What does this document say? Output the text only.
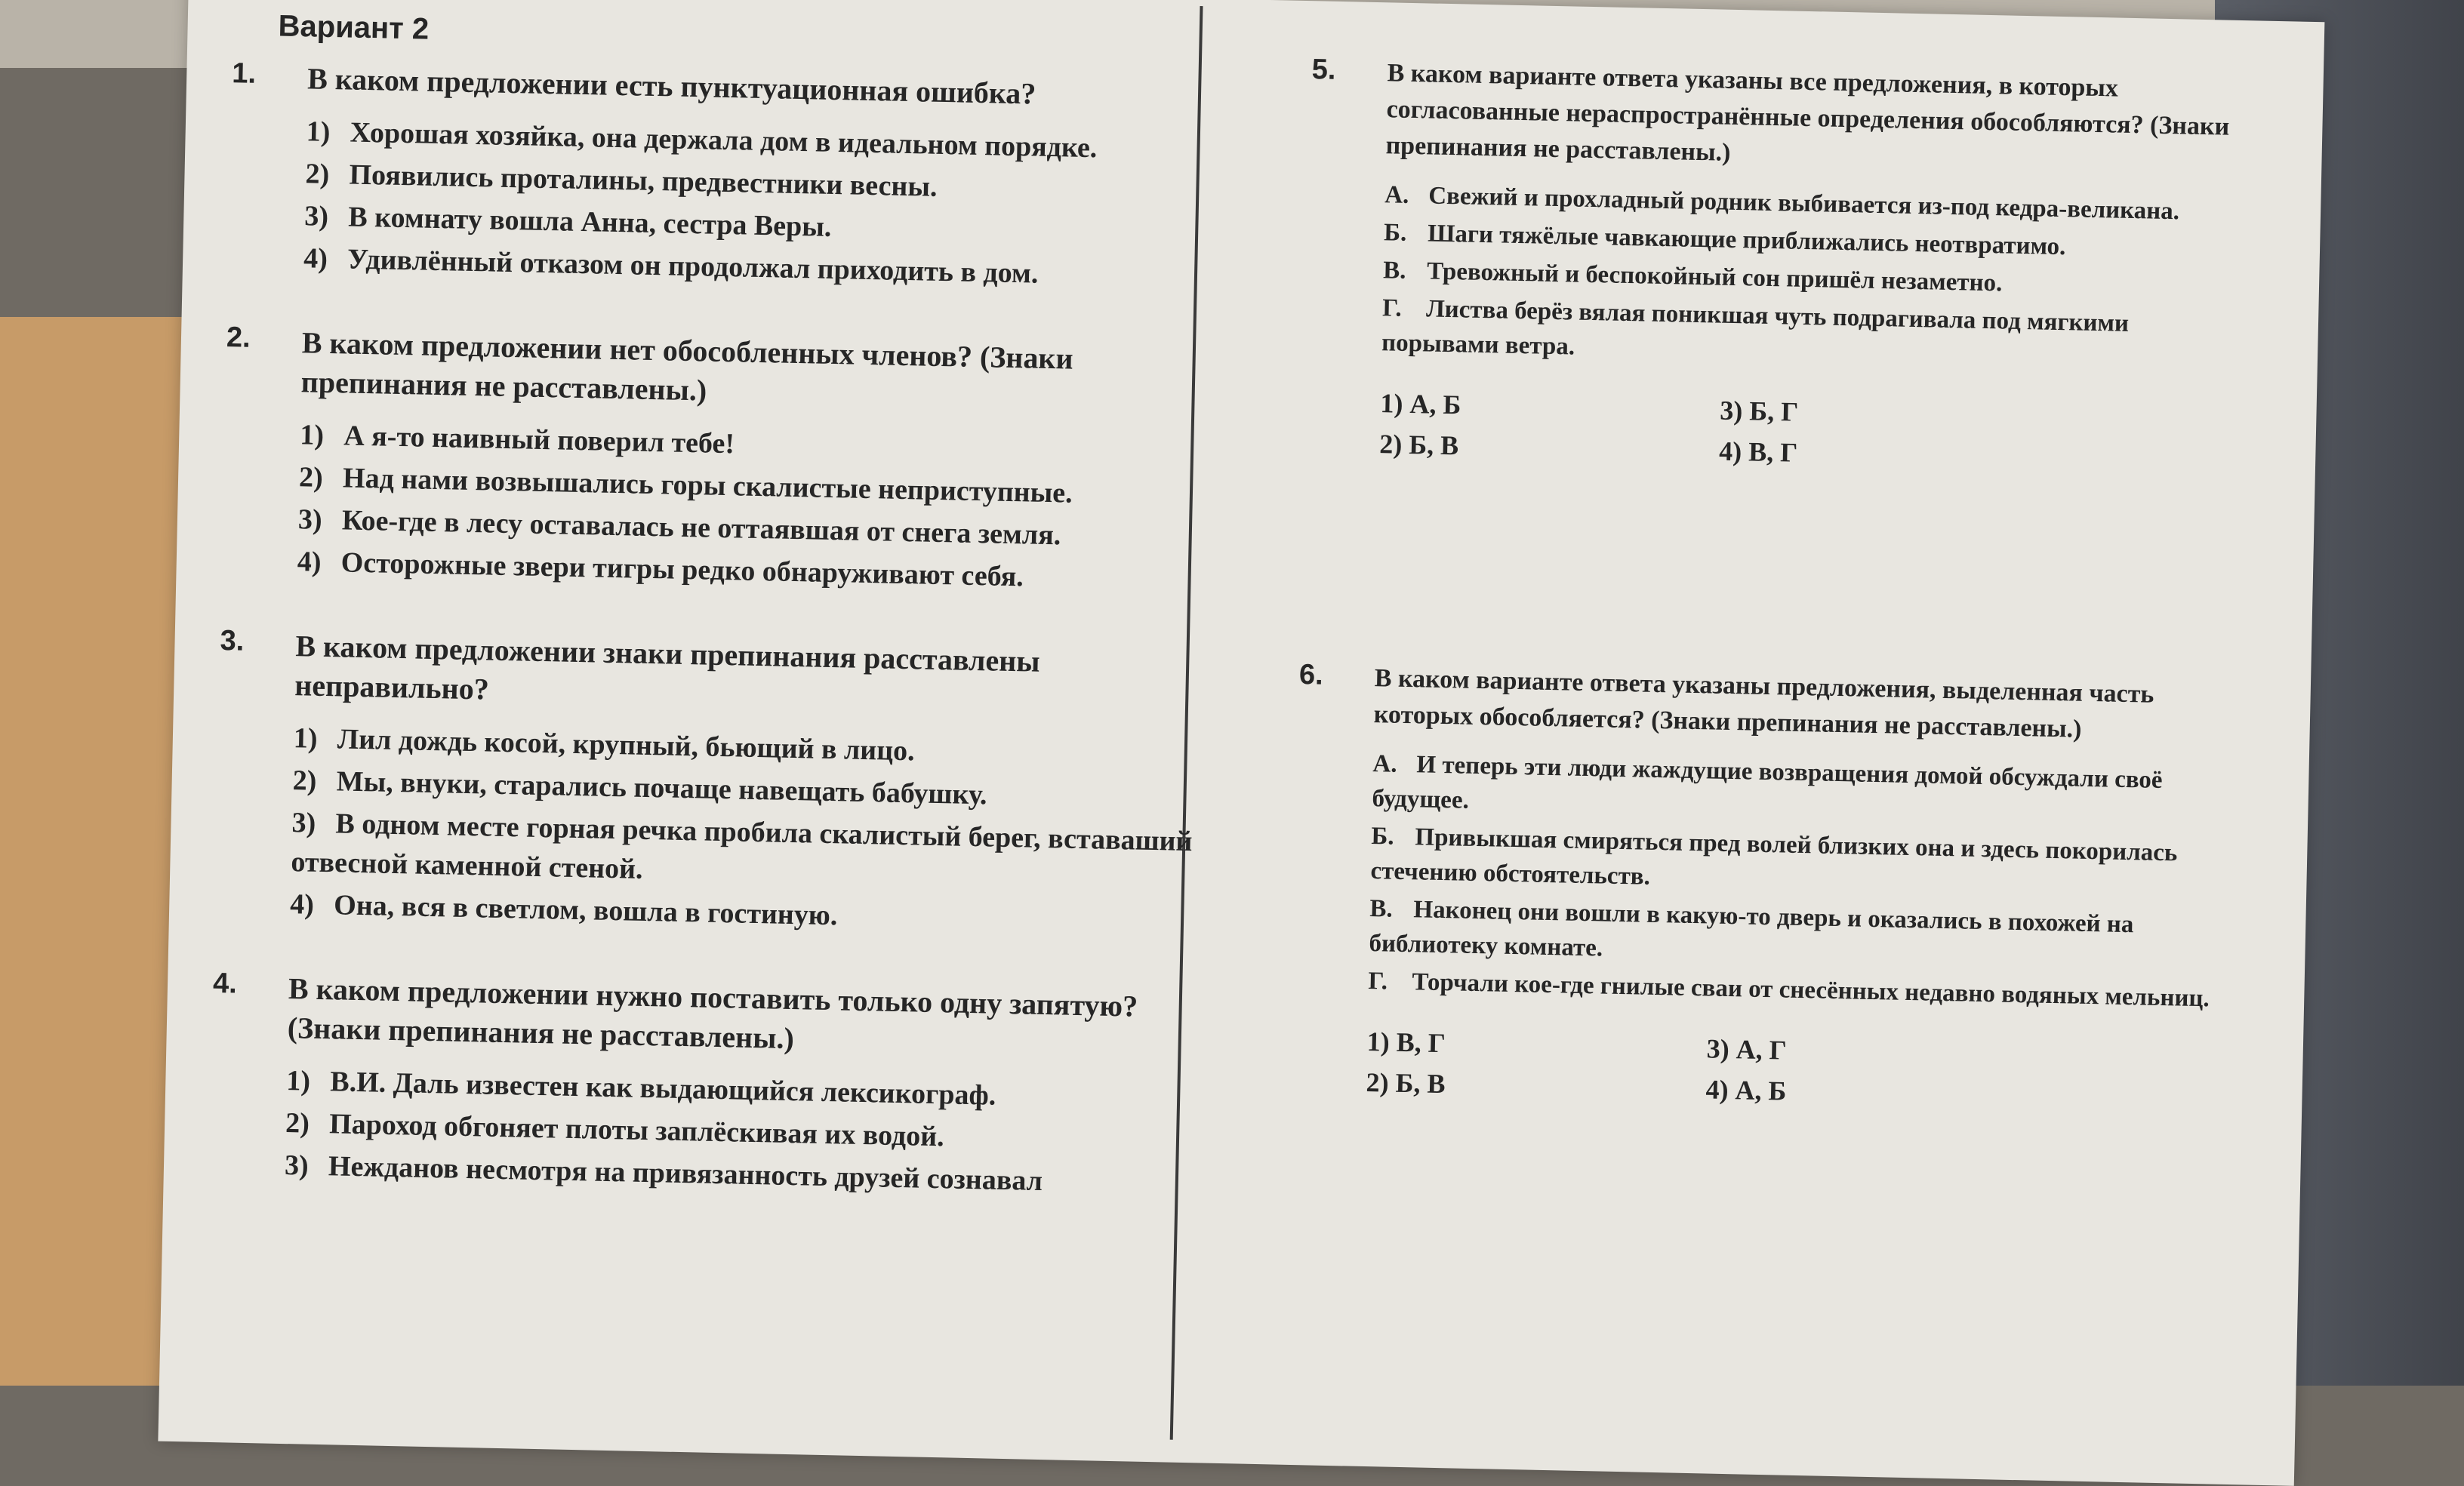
Вариант 2
1. В каком предложении есть пунктуационная ошибка?
1) Хорошая хозяйка, она держала дом в идеальном порядке.
2) Появились проталины, предвестники весны.
3) В комнату вошла Анна, сестра Веры.
4) Удивлённый отказом он продолжал приходить в дом.
2. В каком предложении нет обособленных членов? (Знаки препинания не расставлены.)
1) А я-то наивный поверил тебе!
2) Над нами возвышались горы скалистые неприступные.
3) Кое-где в лесу оставалась не оттаявшая от снега земля.
4) Осторожные звери тигры редко обнаруживают себя.
3. В каком предложении знаки препинания расставлены неправильно?
1) Лил дождь косой, крупный, бьющий в лицо.
2) Мы, внуки, старались почаще навещать бабушку.
3) В одном месте горная речка пробила скалистый берег, вставаший отвесной каменной стеной.
4) Она, вся в светлом, вошла в гостиную.
4. В каком предложении нужно поставить только одну запятую? (Знаки препинания не расставлены.)
1) В.И. Даль известен как выдающийся лексикограф.
2) Пароход обгоняет плоты заплёскивая их водой.
3) Нежданов несмотря на привязанность друзей сознавал
5. В каком варианте ответа указаны все предложения, в которых согласованные нераспространённые определения обособляются? (Знаки препинания не расставлены.)
А. Свежий и прохладный родник выбивается из-под кедра-великана.
Б. Шаги тяжёлые чавкающие приближались неотвратимо.
В. Тревожный и беспокойный сон пришёл незаметно.
Г. Листва берёз вялая поникшая чуть подрагивала под мягкими порывами ветра.
1) А, Б	3) Б, Г
2) Б, В	4) В, Г
6. В каком варианте ответа указаны предложения, выделенная часть которых обособляется? (Знаки препинания не расставлены.)
А. И теперь эти люди жаждущие возвращения домой обсуждали своё будущее.
Б. Привыкшая смиряться пред волей близких она и здесь покорилась стечению обстоятельств.
В. Наконец они вошли в какую-то дверь и оказались в похожей на библиотеку комнате.
Г. Торчали кое-где гнилые сваи от снесённых недавно водяных мельниц.
1) В, Г	3) А, Г
2) Б, В	4) А, Б
